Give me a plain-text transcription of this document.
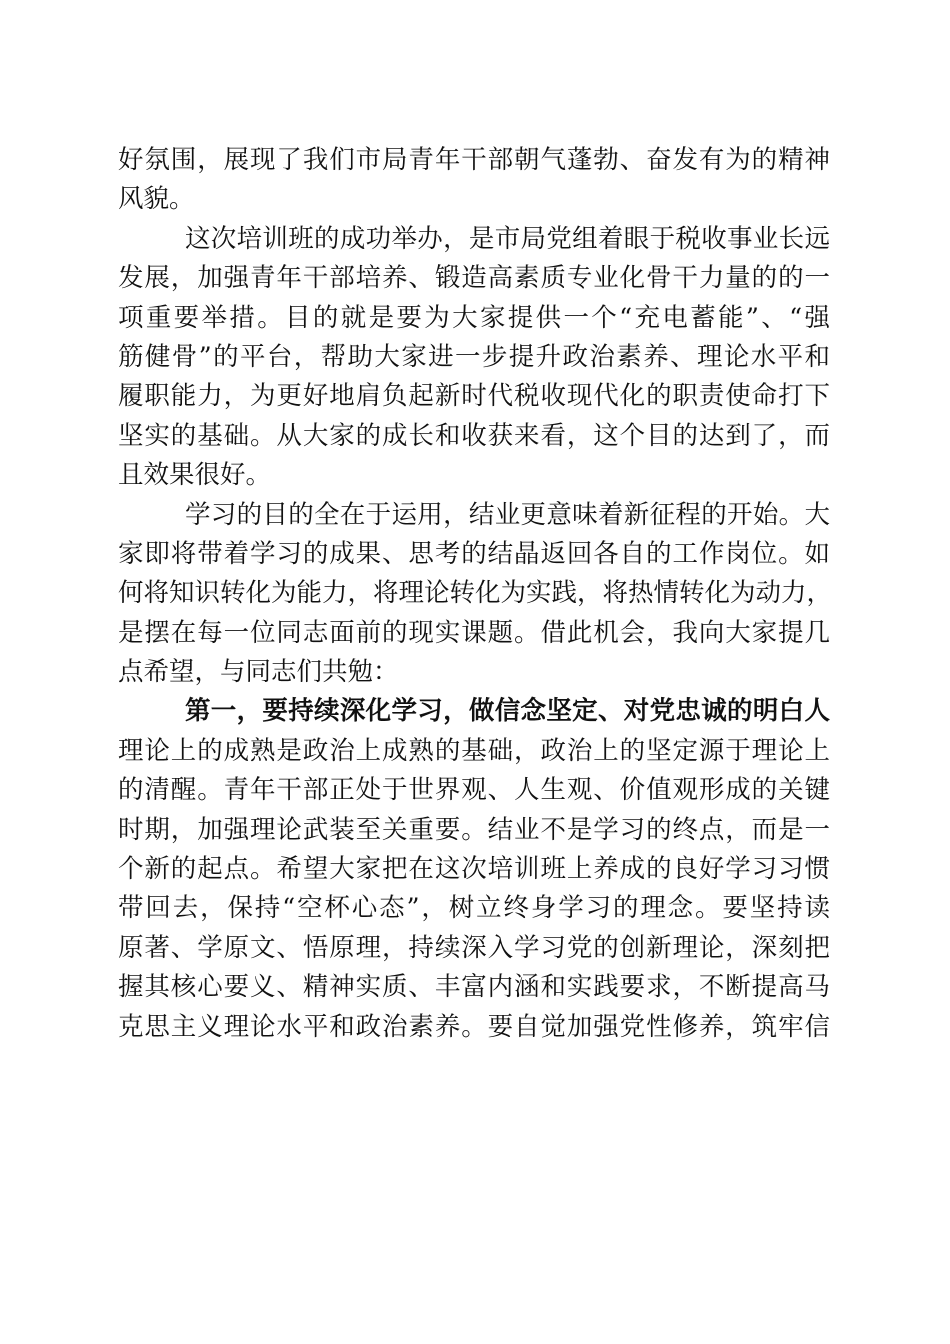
好氛围，展现了我们市局青年干部朝气蓬勃、奋发有为的精神
风貌。
这次培训班的成功举办，是市局党组着眼于税收事业长远
发展，加强青年干部培养、锻造高素质专业化骨干力量的的一
项重要举措。目的就是要为大家提供一个“充电蓄能”、“强
筋健骨”的平台，帮助大家进一步提升政治素养、理论水平和
履职能力，为更好地肩负起新时代税收现代化的职责使命打下
坚实的基础。从大家的成长和收获来看，这个目的达到了，而
且效果很好。
学习的目的全在于运用，结业更意味着新征程的开始。大
家即将带着学习的成果、思考的结晶返回各自的工作岗位。如
何将知识转化为能力，将理论转化为实践，将热情转化为动力，
是摆在每一位同志面前的现实课题。借此机会，我向大家提几
点希望，与同志们共勉：
第一，要持续深化学习，做信念坚定、对党忠诚的明白人
理论上的成熟是政治上成熟的基础，政治上的坚定源于理论上
的清醒。青年干部正处于世界观、人生观、价值观形成的关键
时期，加强理论武装至关重要。结业不是学习的终点，而是一
个新的起点。希望大家把在这次培训班上养成的良好学习习惯
带回去，保持“空杯心态”，树立终身学习的理念。要坚持读
原著、学原文、悟原理，持续深入学习党的创新理论，深刻把
握其核心要义、精神实质、丰富内涵和实践要求，不断提高马
克思主义理论水平和政治素养。要自觉加强党性修养，筑牢信
